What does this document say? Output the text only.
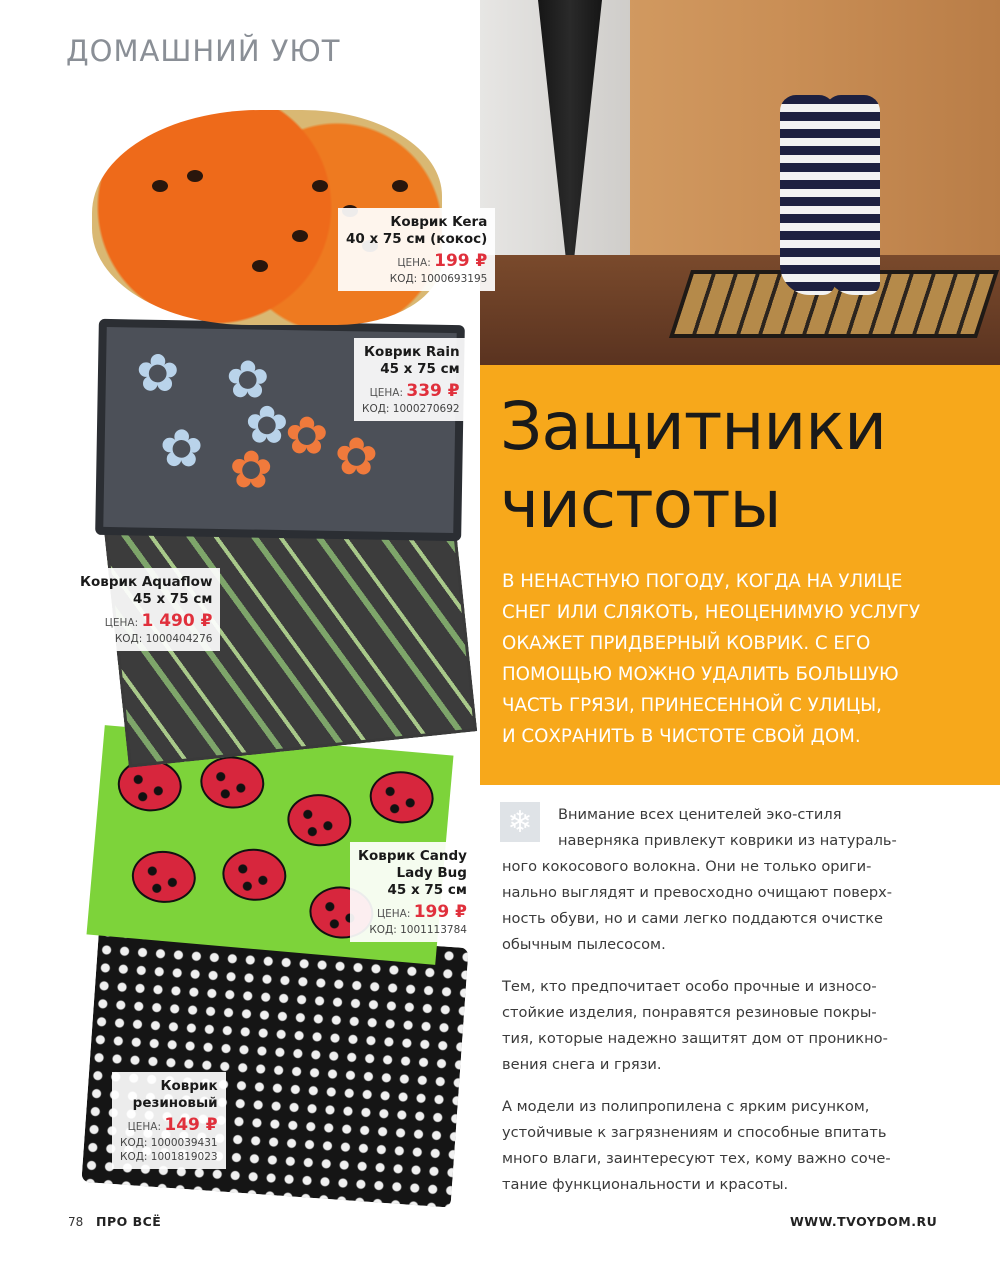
ДОМАШНИЙ УЮТ
Защитники
чистоты
В НЕНАСТНУЮ ПОГОДУ, КОГДА НА УЛИЦЕ
СНЕГ ИЛИ СЛЯКОТЬ, НЕОЦЕНИМУЮ УСЛУГУ
ОКАЖЕТ ПРИДВЕРНЫЙ КОВРИК. С ЕГО
ПОМОЩЬЮ МОЖНО УДАЛИТЬ БОЛЬШУЮ
ЧАСТЬ ГРЯЗИ, ПРИНЕСЕННОЙ С УЛИЦЫ,
И СОХРАНИТЬ В ЧИСТОТЕ СВОЙ ДОМ.
❄	Внимание всех ценителей эко-стиля
наверняка привлекут коврики из натураль-
ного кокосового волокна. Они не только ориги-
нально выглядят и превосходно очищают поверх-
ность обуви, но и сами легко поддаются очистке
обычным пылесосом.
Тем, кто предпочитает особо прочные и износо-
стойкие изделия, понравятся резиновые покры-
тия, которые надежно защитят дом от проникно-
вения снега и грязи.
А модели из полипропилена с ярким рисунком,
устойчивые к загрязнениям и способные впитать
много влаги, заинтересуют тех, кому важно сочe-
тание функциональности и красоты.
✿ ✿
✿ ✿
✿ ✿
✿
Коврик Kera
40 х 75 см (кокос)
ЦЕНА: 199 ₽
КОД: 1000693195
Коврик Rain
45 х 75 см
ЦЕНА: 339 ₽
КОД: 1000270692
Коврик Aquaflow
45 х 75 см
ЦЕНА: 1 490 ₽
КОД: 1000404276
Коврик Candy
Lady Bug
45 х 75 см
ЦЕНА: 199 ₽
КОД: 1001113784
Коврик
резиновый
ЦЕНА: 149 ₽
КОД: 1000039431
КОД: 1001819023
78 ПРО ВСЁ	WWW.TVOYDOM.RU
